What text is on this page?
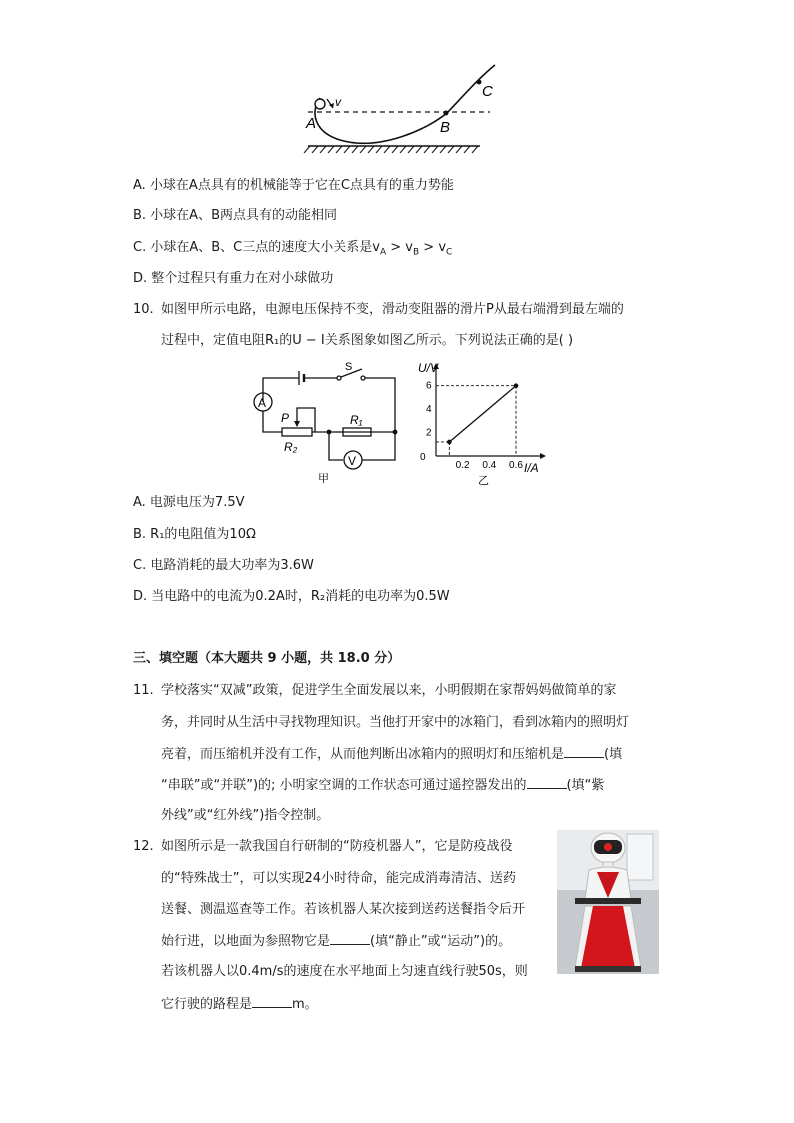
v
A	B
C
A. 小球在A点具有的机械能等于它在C点具有的重力势能
B. 小球在A、B两点具有的动能相同
C. 小球在A、B、C三点的速度大小关系是$v_A > v_B > v_C$
D. 整个过程只有重力在对小球做功
10. 如图甲所示电路，电源电压保持不变，滑动变阻器的滑片P从最右端滑到最左端的
过程中，定值电阻R₁的U − I关系图象如图乙所示。下列说法正确的是( )
A
V
S
P
R₂
R₁
甲
U/V
I/A
0
6
4
2
0.2 0.4 0.6
乙
A. 电源电压为7.5V
B. R₁的电阻值为10Ω
C. 电路消耗的最大功率为3.6W
D. 当电路中的电流为0.2A时，R₂消耗的电功率为0.5W
三、填空题（本大题共 9 小题，共 18.0 分）
11. 学校落实“双减”政策，促进学生全面发展以来，小明假期在家帮妈妈做简单的家
务，并同时从生活中寻找物理知识。当他打开家中的冰箱门，看到冰箱内的照明灯
亮着，而压缩机并没有工作，从而他判断出冰箱内的照明灯和压缩机是	(填
“串联”或“并联”)的; 小明家空调的工作状态可通过遥控器发出的	(填“紫
外线”或“红外线”)指令控制。
12. 如图所示是一款我国自行研制的“防疫机器人”，它是防疫战役
的“特殊战士”，可以实现24小时待命，能完成消毒清洁、送药
送餐、测温巡查等工作。若该机器人某次接到送药送餐指令后开
始行进，以地面为参照物它是	(填“静止”或“运动”)的。
若该机器人以0.4m/s的速度在水平地面上匀速直线行驶50s，则
它行驶的路程是	m。
